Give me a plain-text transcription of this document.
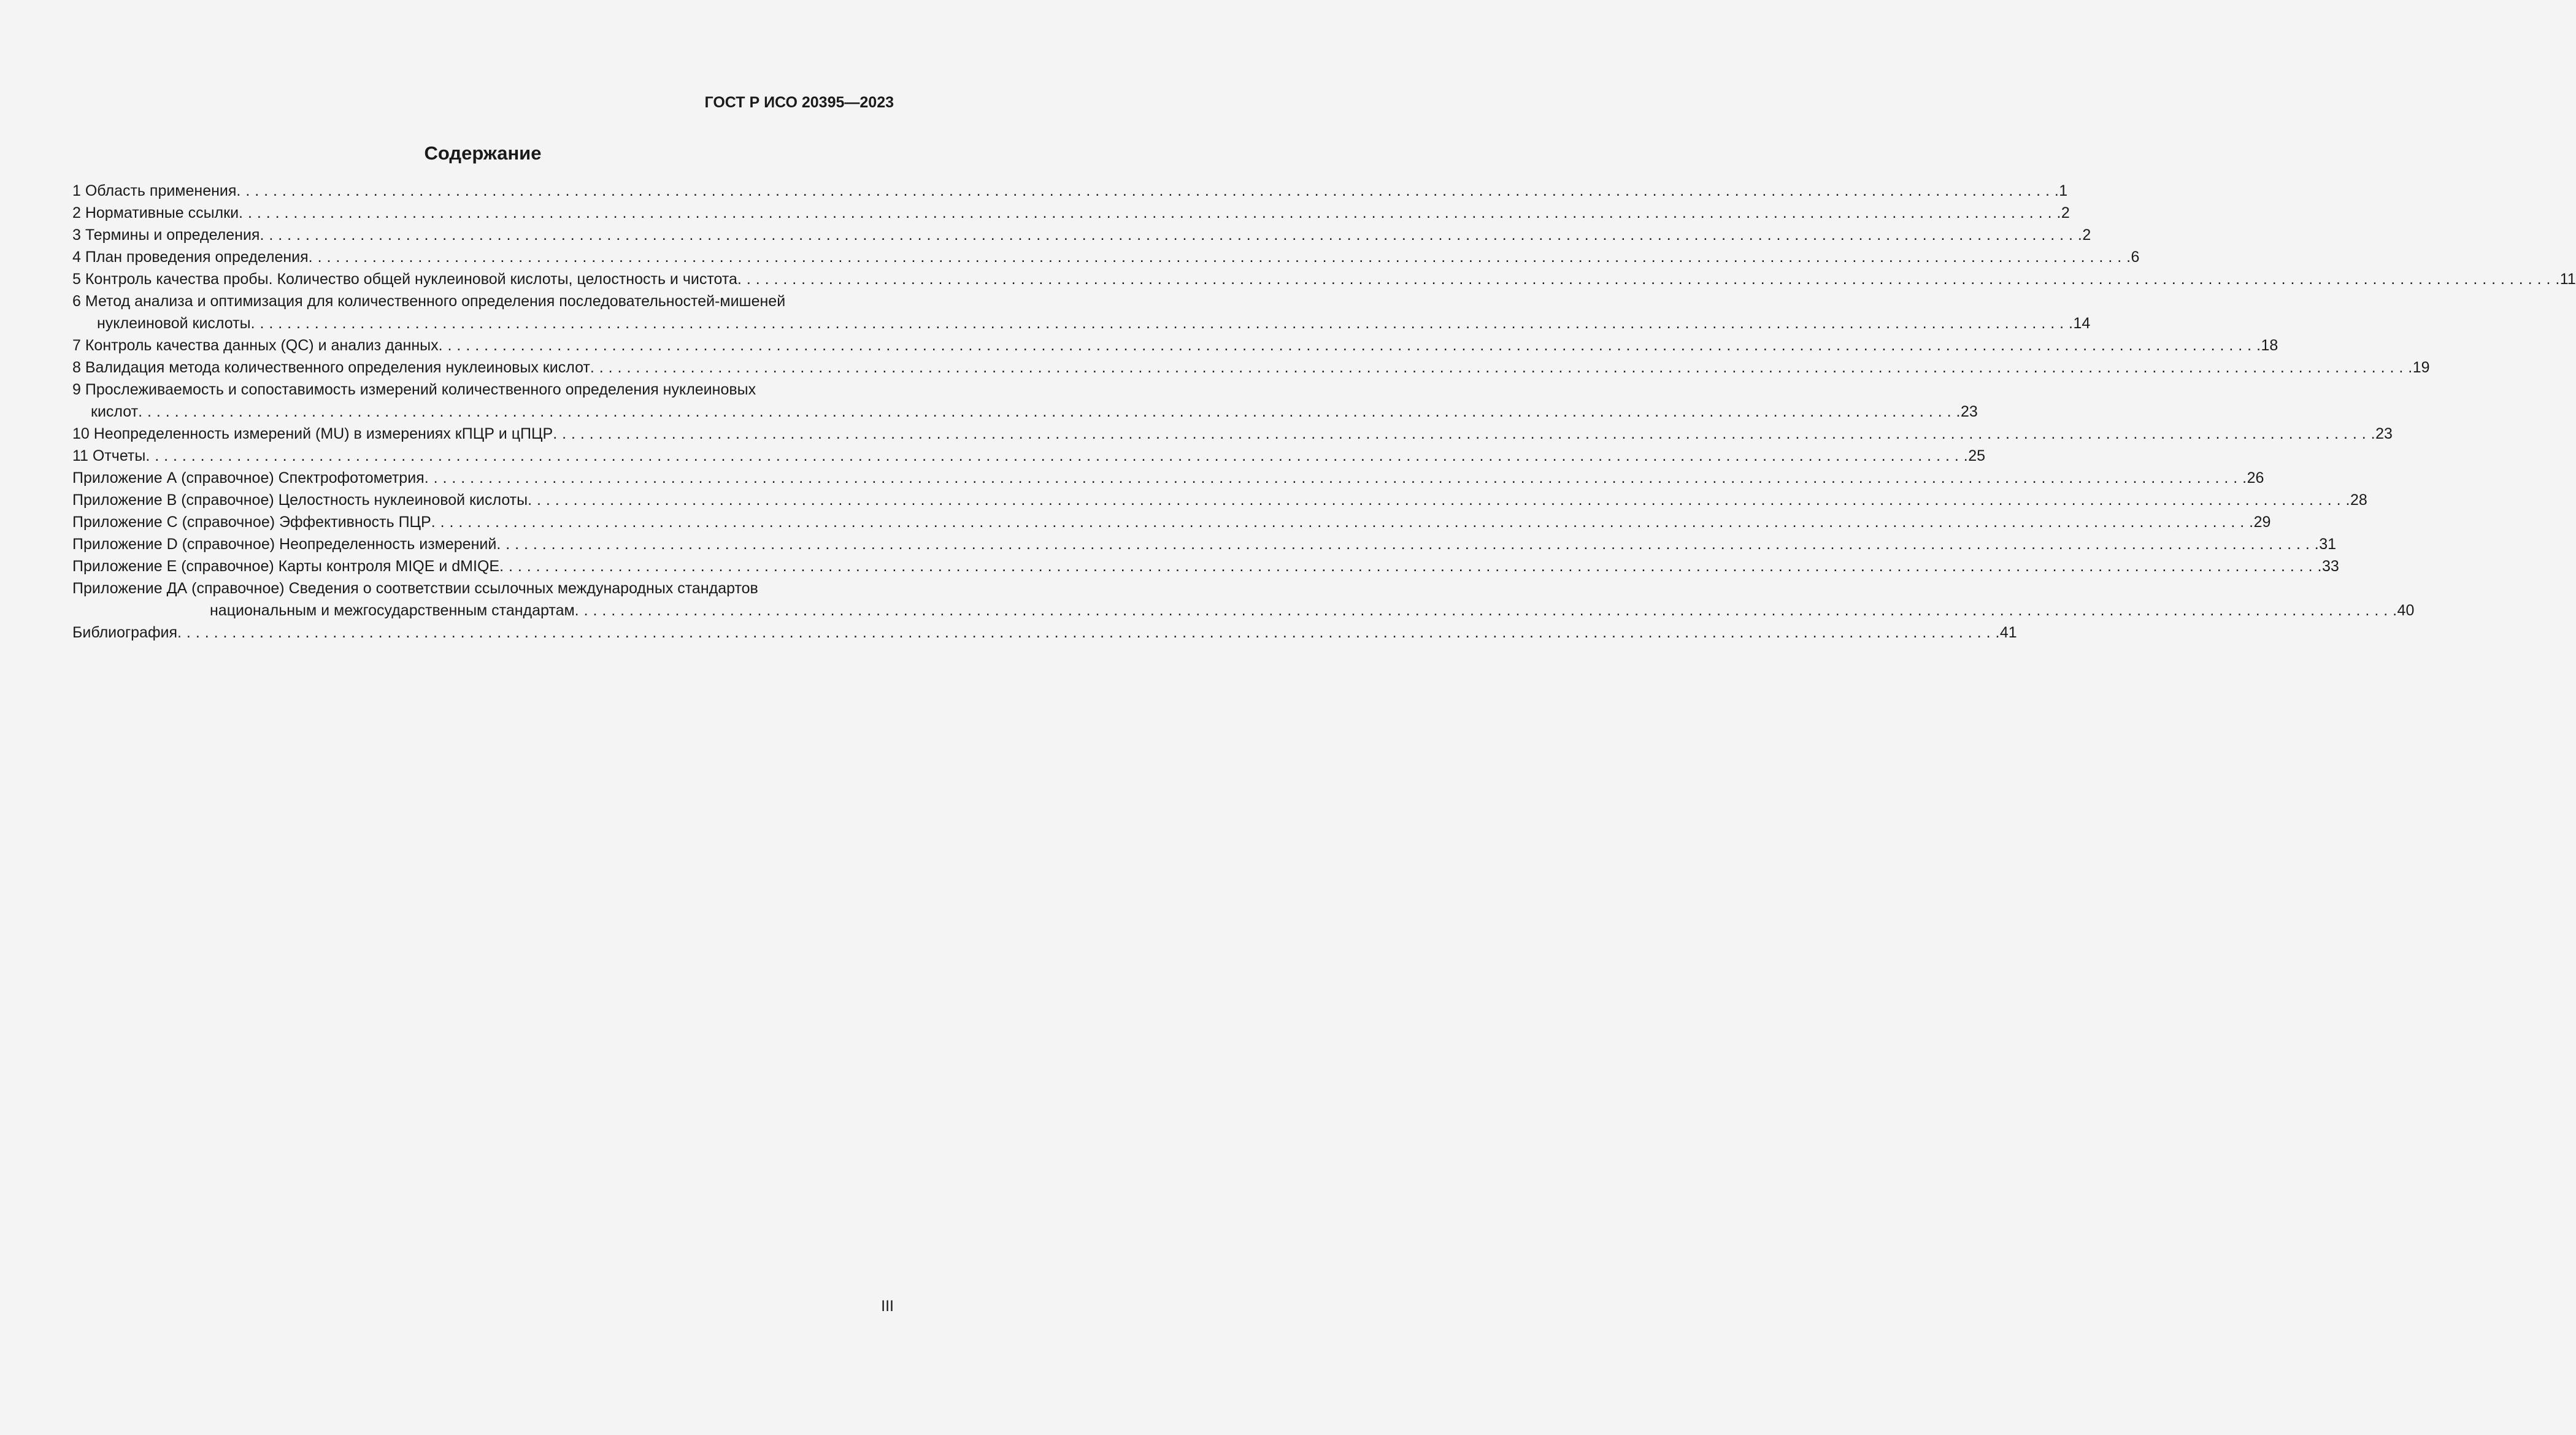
ГОСТ Р ИСО 20395—2023
Содержание
1 Область применения . . . . . . . . . . . . . . . . . . . . . . . . . . . . . . . . . . . . . . . . . . . . . . . . . . . . . . . . . . . . . . . . . . . . . . . . . . . . . . . . . . . . . . . . . . . . . . . . . . . . . . . . . . . . . . . . . . . . . . . . . . . . . . . . . . . . . . . . . . . . . . . . . . . . . . . . . . . . . . . . . . . . . . . . . . . . . . . . . . . . . . . . . . . . . . . . . . . . . . . . 1
2 Нормативные ссылки . . . . . . . . . . . . . . . . . . . . . . . . . . . . . . . . . . . . . . . . . . . . . . . . . . . . . . . . . . . . . . . . . . . . . . . . . . . . . . . . . . . . . . . . . . . . . . . . . . . . . . . . . . . . . . . . . . . . . . . . . . . . . . . . . . . . . . . . . . . . . . . . . . . . . . . . . . . . . . . . . . . . . . . . . . . . . . . . . . . . . . . . . . . . . . . . . . . . . . . . 2
3 Термины и определения . . . . . . . . . . . . . . . . . . . . . . . . . . . . . . . . . . . . . . . . . . . . . . . . . . . . . . . . . . . . . . . . . . . . . . . . . . . . . . . . . . . . . . . . . . . . . . . . . . . . . . . . . . . . . . . . . . . . . . . . . . . . . . . . . . . . . . . . . . . . . . . . . . . . . . . . . . . . . . . . . . . . . . . . . . . . . . . . . . . . . . . . . . . . . . . . . . . . . . . . 2
4 План проведения определения . . . . . . . . . . . . . . . . . . . . . . . . . . . . . . . . . . . . . . . . . . . . . . . . . . . . . . . . . . . . . . . . . . . . . . . . . . . . . . . . . . . . . . . . . . . . . . . . . . . . . . . . . . . . . . . . . . . . . . . . . . . . . . . . . . . . . . . . . . . . . . . . . . . . . . . . . . . . . . . . . . . . . . . . . . . . . . . . . . . . . . . . . . . . . . . . . . . . . . . . 6
5 Контроль качества пробы. Количество общей нуклеиновой кислоты, целостность и чистота . . . . . . . . . . . . . . . . . . . . . . . . . . . . . . . . . . . . . . . . . . . . . . . . . . . . . . . . . . . . . . . . . . . . . . . . . . . . . . . . . . . . . . . . . . . . . . . . . . . . . . . . . . . . . . . . . . . . . . . . . . . . . . . . . . . . . . . . . . . . . . . . . . . . . . . . . . . . . . . . . . . . . . . . . . . . . . . . . . . . . . . . . . . . . . . . . . . . . . . . 11
6 Метод анализа и оптимизация для количественного определения последовательностей-мишеней
нуклеиновой кислоты . . . . . . . . . . . . . . . . . . . . . . . . . . . . . . . . . . . . . . . . . . . . . . . . . . . . . . . . . . . . . . . . . . . . . . . . . . . . . . . . . . . . . . . . . . . . . . . . . . . . . . . . . . . . . . . . . . . . . . . . . . . . . . . . . . . . . . . . . . . . . . . . . . . . . . . . . . . . . . . . . . . . . . . . . . . . . . . . . . . . . . . . . . . . . . . . . . . . . . . . 14
7 Контроль качества данных (QC) и анализ данных . . . . . . . . . . . . . . . . . . . . . . . . . . . . . . . . . . . . . . . . . . . . . . . . . . . . . . . . . . . . . . . . . . . . . . . . . . . . . . . . . . . . . . . . . . . . . . . . . . . . . . . . . . . . . . . . . . . . . . . . . . . . . . . . . . . . . . . . . . . . . . . . . . . . . . . . . . . . . . . . . . . . . . . . . . . . . . . . . . . . . . . . . . . . . . . . . . . . . . . . 18
8 Валидация метода количественного определения нуклеиновых кислот . . . . . . . . . . . . . . . . . . . . . . . . . . . . . . . . . . . . . . . . . . . . . . . . . . . . . . . . . . . . . . . . . . . . . . . . . . . . . . . . . . . . . . . . . . . . . . . . . . . . . . . . . . . . . . . . . . . . . . . . . . . . . . . . . . . . . . . . . . . . . . . . . . . . . . . . . . . . . . . . . . . . . . . . . . . . . . . . . . . . . . . . . . . . . . . . . . . . . . . . 19
9 Прослеживаемость и сопоставимость измерений количественного определения нуклеиновых
кислот . . . . . . . . . . . . . . . . . . . . . . . . . . . . . . . . . . . . . . . . . . . . . . . . . . . . . . . . . . . . . . . . . . . . . . . . . . . . . . . . . . . . . . . . . . . . . . . . . . . . . . . . . . . . . . . . . . . . . . . . . . . . . . . . . . . . . . . . . . . . . . . . . . . . . . . . . . . . . . . . . . . . . . . . . . . . . . . . . . . . . . . . . . . . . . . . . . . . . . . . 23
10 Неопределенность измерений (MU) в измерениях кПЦР и цПЦР . . . . . . . . . . . . . . . . . . . . . . . . . . . . . . . . . . . . . . . . . . . . . . . . . . . . . . . . . . . . . . . . . . . . . . . . . . . . . . . . . . . . . . . . . . . . . . . . . . . . . . . . . . . . . . . . . . . . . . . . . . . . . . . . . . . . . . . . . . . . . . . . . . . . . . . . . . . . . . . . . . . . . . . . . . . . . . . . . . . . . . . . . . . . . . . . . . . . . . . . 23
11 Отчеты . . . . . . . . . . . . . . . . . . . . . . . . . . . . . . . . . . . . . . . . . . . . . . . . . . . . . . . . . . . . . . . . . . . . . . . . . . . . . . . . . . . . . . . . . . . . . . . . . . . . . . . . . . . . . . . . . . . . . . . . . . . . . . . . . . . . . . . . . . . . . . . . . . . . . . . . . . . . . . . . . . . . . . . . . . . . . . . . . . . . . . . . . . . . . . . . . . . . . . . . 25
Приложение А (справочное) Спектрофотометрия . . . . . . . . . . . . . . . . . . . . . . . . . . . . . . . . . . . . . . . . . . . . . . . . . . . . . . . . . . . . . . . . . . . . . . . . . . . . . . . . . . . . . . . . . . . . . . . . . . . . . . . . . . . . . . . . . . . . . . . . . . . . . . . . . . . . . . . . . . . . . . . . . . . . . . . . . . . . . . . . . . . . . . . . . . . . . . . . . . . . . . . . . . . . . . . . . . . . . . . . 26
Приложение В (справочное) Целостность нуклеиновой кислоты . . . . . . . . . . . . . . . . . . . . . . . . . . . . . . . . . . . . . . . . . . . . . . . . . . . . . . . . . . . . . . . . . . . . . . . . . . . . . . . . . . . . . . . . . . . . . . . . . . . . . . . . . . . . . . . . . . . . . . . . . . . . . . . . . . . . . . . . . . . . . . . . . . . . . . . . . . . . . . . . . . . . . . . . . . . . . . . . . . . . . . . . . . . . . . . . . . . . . . . . 28
Приложение С (справочное) Эффективность ПЦР . . . . . . . . . . . . . . . . . . . . . . . . . . . . . . . . . . . . . . . . . . . . . . . . . . . . . . . . . . . . . . . . . . . . . . . . . . . . . . . . . . . . . . . . . . . . . . . . . . . . . . . . . . . . . . . . . . . . . . . . . . . . . . . . . . . . . . . . . . . . . . . . . . . . . . . . . . . . . . . . . . . . . . . . . . . . . . . . . . . . . . . . . . . . . . . . . . . . . . . . 29
Приложение D (справочное) Неопределенность измерений . . . . . . . . . . . . . . . . . . . . . . . . . . . . . . . . . . . . . . . . . . . . . . . . . . . . . . . . . . . . . . . . . . . . . . . . . . . . . . . . . . . . . . . . . . . . . . . . . . . . . . . . . . . . . . . . . . . . . . . . . . . . . . . . . . . . . . . . . . . . . . . . . . . . . . . . . . . . . . . . . . . . . . . . . . . . . . . . . . . . . . . . . . . . . . . . . . . . . . . . 31
Приложение Е (справочное) Карты контроля MIQE и dMIQE . . . . . . . . . . . . . . . . . . . . . . . . . . . . . . . . . . . . . . . . . . . . . . . . . . . . . . . . . . . . . . . . . . . . . . . . . . . . . . . . . . . . . . . . . . . . . . . . . . . . . . . . . . . . . . . . . . . . . . . . . . . . . . . . . . . . . . . . . . . . . . . . . . . . . . . . . . . . . . . . . . . . . . . . . . . . . . . . . . . . . . . . . . . . . . . . . . . . . . . . 33
Приложение ДА (справочное) Сведения о соответствии ссылочных международных стандартов
национальным и межгосударственным стандартам . . . . . . . . . . . . . . . . . . . . . . . . . . . . . . . . . . . . . . . . . . . . . . . . . . . . . . . . . . . . . . . . . . . . . . . . . . . . . . . . . . . . . . . . . . . . . . . . . . . . . . . . . . . . . . . . . . . . . . . . . . . . . . . . . . . . . . . . . . . . . . . . . . . . . . . . . . . . . . . . . . . . . . . . . . . . . . . . . . . . . . . . . . . . . . . . . . . . . . . . 40
Библиография . . . . . . . . . . . . . . . . . . . . . . . . . . . . . . . . . . . . . . . . . . . . . . . . . . . . . . . . . . . . . . . . . . . . . . . . . . . . . . . . . . . . . . . . . . . . . . . . . . . . . . . . . . . . . . . . . . . . . . . . . . . . . . . . . . . . . . . . . . . . . . . . . . . . . . . . . . . . . . . . . . . . . . . . . . . . . . . . . . . . . . . . . . . . . . . . . . . . . . . . 41
III
